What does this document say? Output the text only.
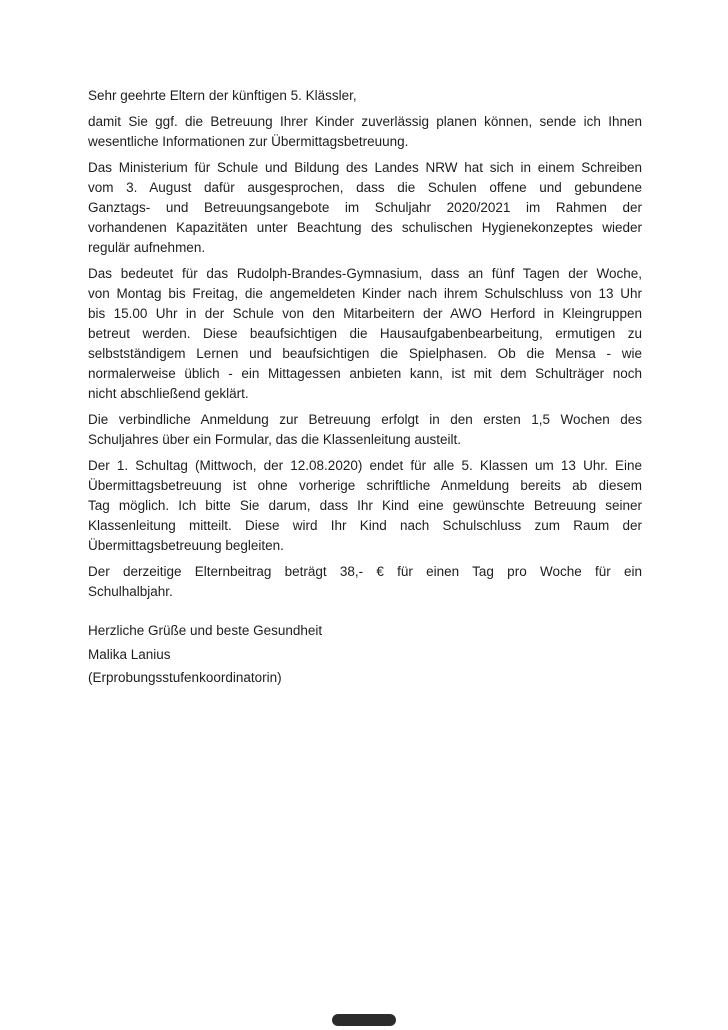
Sehr geehrte Eltern der künftigen 5. Klässler,
damit Sie ggf. die Betreuung Ihrer Kinder zuverlässig planen können, sende ich Ihnen
wesentliche Informationen zur Übermittagsbetreuung.
Das Ministerium für Schule und Bildung des Landes NRW hat sich in einem Schreiben
vom 3. August dafür ausgesprochen, dass die Schulen offene und gebundene
Ganztags- und Betreuungsangebote im Schuljahr 2020/2021 im Rahmen der
vorhandenen Kapazitäten unter Beachtung des schulischen Hygienekonzeptes wieder
regulär aufnehmen.
Das bedeutet für das Rudolph-Brandes-Gymnasium, dass an fünf Tagen der Woche,
von Montag bis Freitag, die angemeldeten Kinder nach ihrem Schulschluss von 13 Uhr
bis 15.00 Uhr in der Schule von den Mitarbeitern der AWO Herford in Kleingruppen
betreut werden. Diese beaufsichtigen die Hausaufgabenbearbeitung, ermutigen zu
selbstständigem Lernen und beaufsichtigen die Spielphasen. Ob die Mensa - wie
normalerweise üblich - ein Mittagessen anbieten kann, ist mit dem Schulträger noch
nicht abschließend geklärt.
Die verbindliche Anmeldung zur Betreuung erfolgt in den ersten 1,5 Wochen des
Schuljahres über ein Formular, das die Klassenleitung austeilt.
Der 1. Schultag (Mittwoch, der 12.08.2020) endet für alle 5. Klassen um 13 Uhr. Eine
Übermittagsbetreuung ist ohne vorherige schriftliche Anmeldung bereits ab diesem
Tag möglich. Ich bitte Sie darum, dass Ihr Kind eine gewünschte Betreuung seiner
Klassenleitung mitteilt. Diese wird Ihr Kind nach Schulschluss zum Raum der
Übermittagsbetreuung begleiten.
Der derzeitige Elternbeitrag beträgt 38,- € für einen Tag pro Woche für ein
Schulhalbjahr.
Herzliche Grüße und beste Gesundheit
Malika Lanius
(Erprobungsstufenkoordinatorin)
